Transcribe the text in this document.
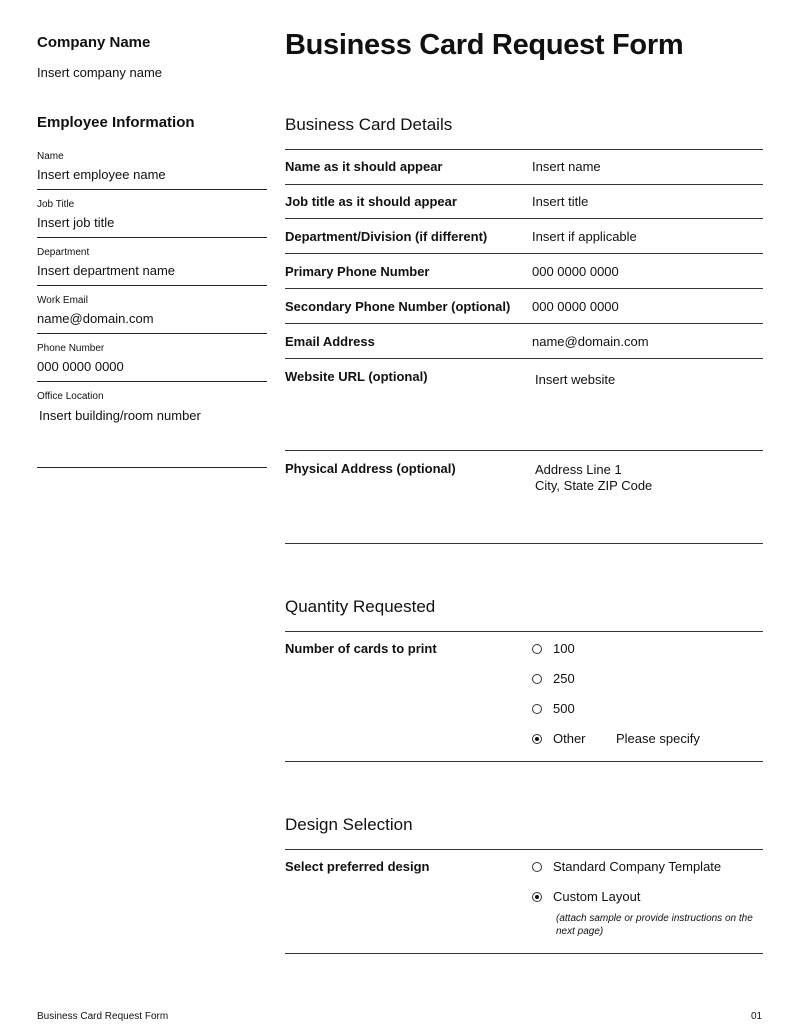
Company Name
Insert company name
Business Card Request Form
Employee Information
Name
Insert employee name
Job Title
Insert job title
Department
Insert department name
Work Email
name@domain.com
Phone Number
000 0000 0000
Office Location
Insert building/room number
Business Card Details
Name as it should appear	Insert name
Job title as it should appear	Insert title
Department/Division (if different)	Insert if applicable
Primary Phone Number	000 0000 0000
Secondary Phone Number (optional) 000 0000 0000
Email Address	name@domain.com
Website URL (optional)	Insert website
Physical Address (optional)	Address Line 1
City, State ZIP Code
Quantity Requested
Number of cards to print	100
250
500
Other Please specify
Design Selection
Select preferred design	Standard Company Template
Custom Layout
(attach sample or provide instructions on the next page)
Business Card Request Form	01
